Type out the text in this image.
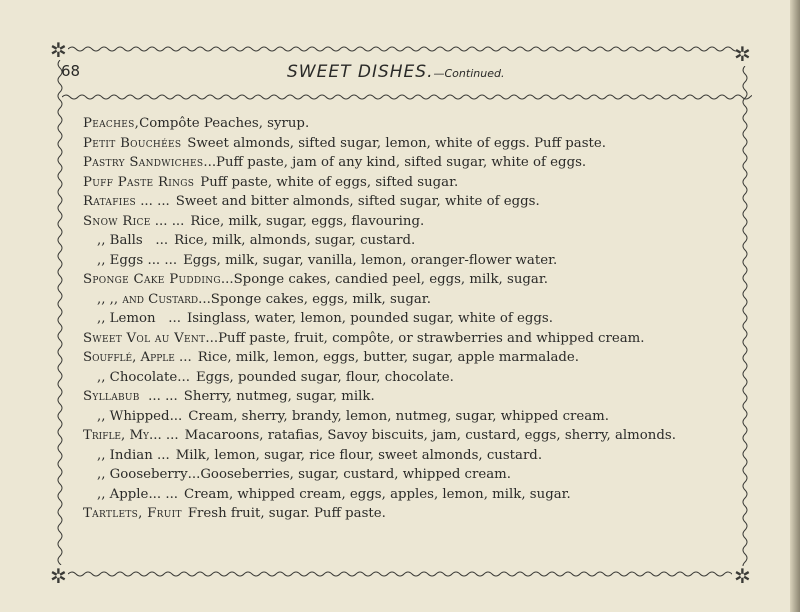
✲	✲
✲	✲
68	SWEET DISHES.—Continued.
Peaches, Compôte Peaches, syrup.
Petit Bouchées Sweet almonds, sifted sugar, lemon, white of eggs. Puff paste.
Pastry Sandwiches ... Puff paste, jam of any kind, sifted sugar, white of eggs.
Puff Paste Rings Puff paste, white of eggs, sifted sugar.
Ratafies ... ... Sweet and bitter almonds, sifted sugar, white of eggs.
Snow Rice ... ... Rice, milk, sugar, eggs, flavouring.
,, Balls ... Rice, milk, almonds, sugar, custard.
,, Eggs ... ... Eggs, milk, sugar, vanilla, lemon, oranger-flower water.
Sponge Cake Pudding ... Sponge cakes, candied peel, eggs, milk, sugar.
,, ,, and Custard ... Sponge cakes, eggs, milk, sugar.
,, Lemon ... Isinglass, water, lemon, pounded sugar, white of eggs.
Sweet Vol au Vent ... Puff paste, fruit, compôte, or strawberries and whipped cream.
Soufflé, Apple ... Rice, milk, lemon, eggs, butter, sugar, apple marmalade.
,, Chocolate ... Eggs, pounded sugar, flour, chocolate.
Syllabub ... ... Sherry, nutmeg, sugar, milk.
,, Whipped ... Cream, sherry, brandy, lemon, nutmeg, sugar, whipped cream.
Trifle, My ... ... Macaroons, ratafias, Savoy biscuits, jam, custard, eggs, sherry, almonds.
,, Indian ... Milk, lemon, sugar, rice flour, sweet almonds, custard.
,, Gooseberry ... Gooseberries, sugar, custard, whipped cream.
,, Apple ... ... Cream, whipped cream, eggs, apples, lemon, milk, sugar.
Tartlets, Fruit Fresh fruit, sugar. Puff paste.
